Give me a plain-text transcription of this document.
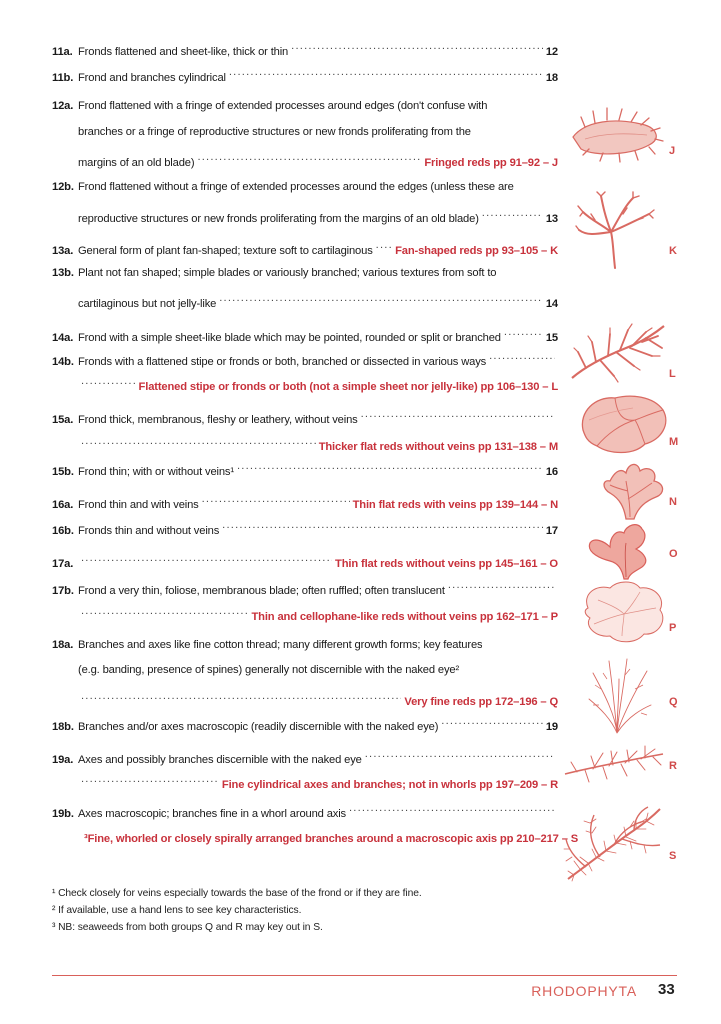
11a. Fronds flattened and sheet-like, thick or thin .....	12
11b. Frond and branches cylindrical .....	18
12a. Frond flattened with a fringe of extended processes around edges (don't confuse with
branches or a fringe of reproductive structures or new fronds proliferating from the
margins of an old blade) .....	Fringed reds pp 91–92 – J
12b. Frond flattened without a fringe of extended processes around the edges (unless these are
reproductive structures or new fronds proliferating from the margins of an old blade) .....	13
13a. General form of plant fan-shaped; texture soft to cartilaginous ..... Fan-shaped reds pp 93–105 – K
13b. Plant not fan shaped; simple blades or variously branched; various textures from soft to
cartilaginous but not jelly-like .....	14
14a. Frond with a simple sheet-like blade which may be pointed, rounded or split or branched .....	15
14b. Fronds with a flattened stipe or fronds or both, branched or dissected in various ways
.....
.....
Flattened stipe or fronds or both (not a simple sheet nor jelly-like) pp 106–130 – L
15a. Frond thick, membranous, fleshy or leathery, without veins
.....
.....
Thicker flat reds without veins pp 131–138 – M
15b. Frond thin; with or without veins¹ .....	16
16a. Frond thin and with veins .....	Thin flat reds with veins pp 139–144 – N
16b. Fronds thin and without veins .....	17
17a. .....	Thin flat reds without veins pp 145–161 – O
17b. Frond a very thin, foliose, membranous blade; often ruffled; often translucent
.....
.....
Thin and cellophane-like reds without veins pp 162–171 – P
18a. Branches and axes like fine cotton thread; many different growth forms; key features
(e.g. banding, presence of spines) generally not discernible with the naked eye²
.....
Very fine reds pp 172–196 – Q
18b. Branches and/or axes macroscopic (readily discernible with the naked eye) .....	19
19a. Axes and possibly branches discernible with the naked eye
.....
.....
Fine cylindrical axes and branches; not in whorls pp 197–209 – R
19b. Axes macroscopic; branches fine in a whorl around axis
.....
³Fine, whorled or closely spirally arranged branches around a macroscopic axis pp 210–217 – S
J
K
L
M
N
O
P
Q
R
S
¹ Check closely for veins especially towards the base of the frond or if they are fine.
² If available, use a hand lens to see key characteristics.
³ NB: seaweeds from both groups Q and R may key out in S.
RHODOPHYTA 33
